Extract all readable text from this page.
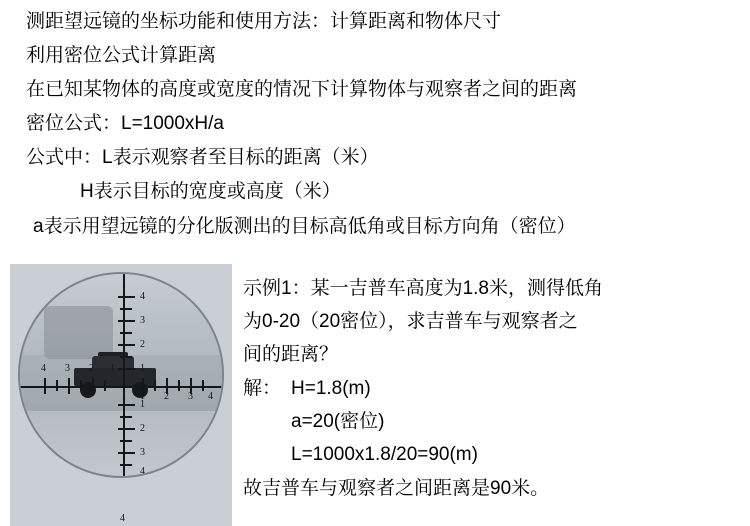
测距望远镜的坐标功能和使用方法：计算距离和物体尺寸
利用密位公式计算距离
在已知某物体的高度或宽度的情况下计算物体与观察者之间的距离
密位公式：L=1000xH/a
公式中：L表示观察者至目标的距离（米）
H表示目标的宽度或高度（米）
a表示用望远镜的分化版测出的目标高低角或目标方向角（密位）
4
3
2
1
4 3 2 1
1
2
3
4
1 2 3 4
4
示例1：某一吉普车高度为1.8米，测得低角
为0-20（20密位），求吉普车与观察者之
间的距离？
解： H=1.8(m)
a=20(密位)
L=1000x1.8/20=90(m)
故吉普车与观察者之间距离是90米。
